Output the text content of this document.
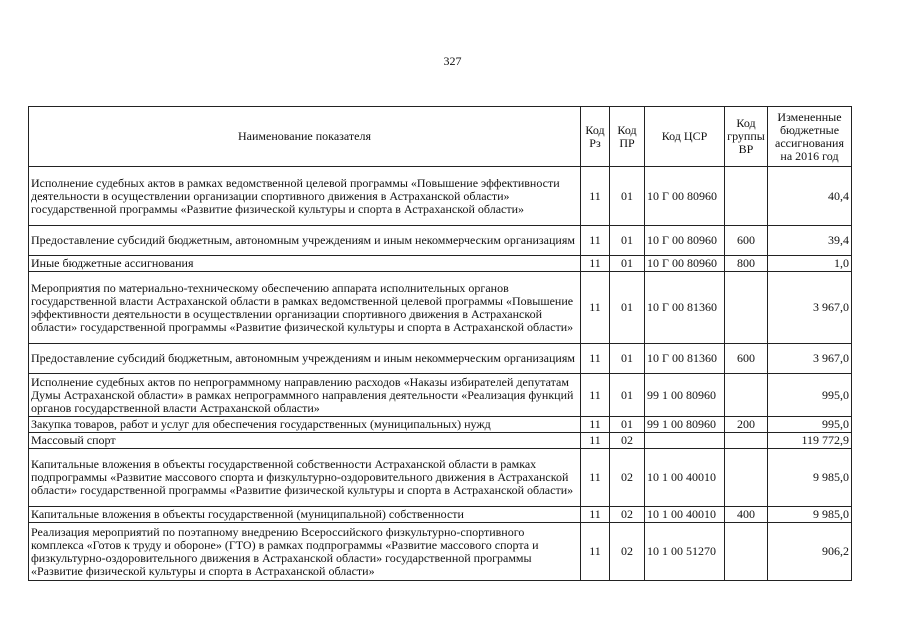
327
Наименование показателя	Код Рз	Код ПР	Код ЦСР	Код группы ВР	Измененные бюджетные ассигнования на 2016 год
Исполнение судебных актов в рамках ведомственной целевой программы «Повышение эффективности деятельности в осуществлении организации спортивного движения в Астраханской области» государственной программы «Развитие физической культуры и спорта в Астраханской области»	11	01	10 Г 00 80960		40,4
Предоставление субсидий бюджетным, автономным учреждениям и иным некоммерческим организациям	11	01	10 Г 00 80960	600	39,4
Иные бюджетные ассигнования	11	01	10 Г 00 80960	800	1,0
Мероприятия по материально-техническому обеспечению аппарата исполнительных органов государственной власти Астраханской области в рамках ведомственной целевой программы «Повышение эффективности деятельности в осуществлении организации спортивного движения в Астраханской области» государственной программы «Развитие физической культуры и спорта в Астраханской области»	11	01	10 Г 00 81360		3 967,0
Предоставление субсидий бюджетным, автономным учреждениям и иным некоммерческим организациям	11	01	10 Г 00 81360	600	3 967,0
Исполнение судебных актов по непрограммному направлению расходов «Наказы избирателей депутатам Думы Астраханской области» в рамках непрограммного направления деятельности «Реализация функций органов государственной власти Астраханской области»	11	01	99 1 00 80960		995,0
Закупка товаров, работ и услуг для обеспечения государственных (муниципальных) нужд	11	01	99 1 00 80960	200	995,0
Массовый спорт	11	02			119 772,9
Капитальные вложения в объекты государственной собственности Астраханской области в рамках подпрограммы «Развитие массового спорта и физкультурно-оздоровительного движения в Астраханской области» государственной программы «Развитие физической культуры и спорта в Астраханской области»	11	02	10 1 00 40010		9 985,0
Капитальные вложения в объекты государственной (муниципальной) собственности	11	02	10 1 00 40010	400	9 985,0
Реализация мероприятий по поэтапному внедрению Всероссийского физкультурно-спортивного комплекса «Готов к труду и обороне» (ГТО) в рамках подпрограммы «Развитие массового спорта и физкультурно-оздоровительного движения в Астраханской области» государственной программы «Развитие физической культуры и спорта в Астраханской области»	11	02	10 1 00 51270		906,2
